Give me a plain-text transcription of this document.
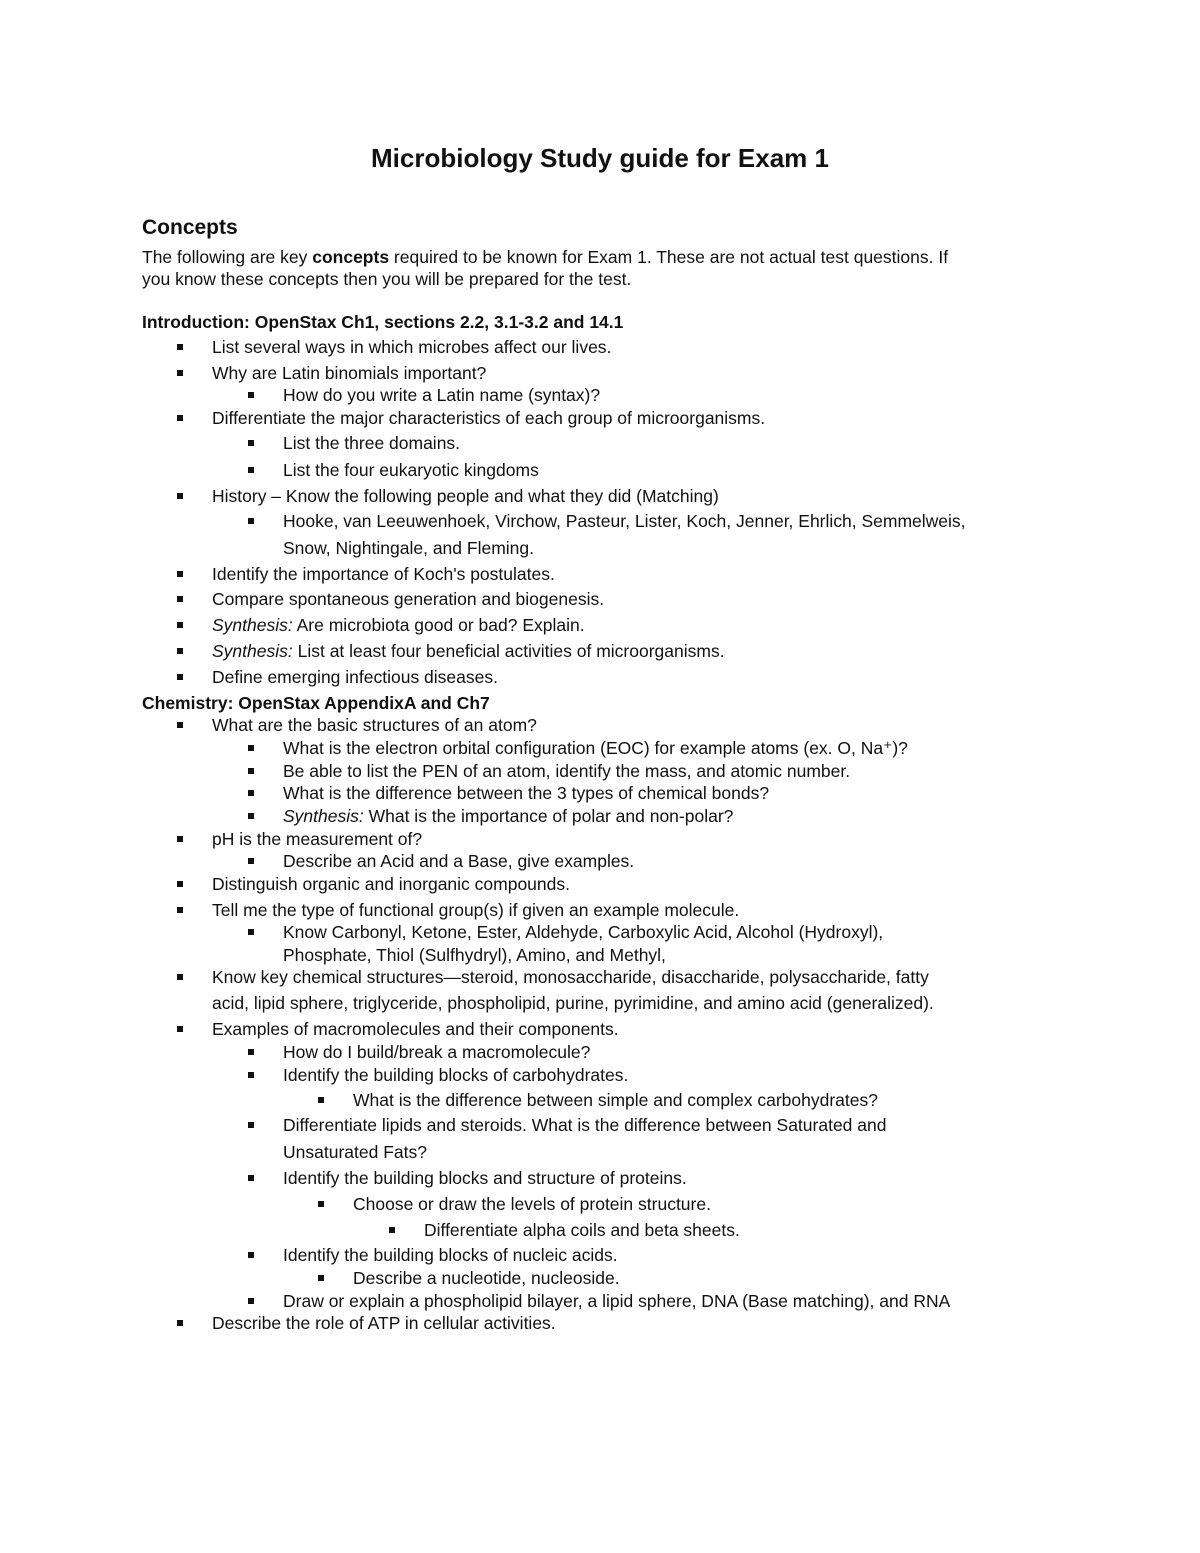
Microbiology Study guide for Exam 1
Concepts
The following are key concepts required to be known for Exam 1. These are not actual test questions. If
you know these concepts then you will be prepared for the test.
Introduction: OpenStax Ch1, sections 2.2, 3.1-3.2 and 14.1
List several ways in which microbes affect our lives.
Why are Latin binomials important?
How do you write a Latin name (syntax)?
Differentiate the major characteristics of each group of microorganisms.
List the three domains.
List the four eukaryotic kingdoms
History – Know the following people and what they did (Matching)
Hooke, van Leeuwenhoek, Virchow, Pasteur, Lister, Koch, Jenner, Ehrlich, Semmelweis,
Snow, Nightingale, and Fleming.
Identify the importance of Koch's postulates.
Compare spontaneous generation and biogenesis.
Synthesis: Are microbiota good or bad? Explain.
Synthesis: List at least four beneficial activities of microorganisms.
Define emerging infectious diseases.
Chemistry: OpenStax AppendixA and Ch7
What are the basic structures of an atom?
What is the electron orbital configuration (EOC) for example atoms (ex. O, Na⁺)?
Be able to list the PEN of an atom, identify the mass, and atomic number.
What is the difference between the 3 types of chemical bonds?
Synthesis: What is the importance of polar and non-polar?
pH is the measurement of?
Describe an Acid and a Base, give examples.
Distinguish organic and inorganic compounds.
Tell me the type of functional group(s) if given an example molecule.
Know Carbonyl, Ketone, Ester, Aldehyde, Carboxylic Acid, Alcohol (Hydroxyl),
Phosphate, Thiol (Sulfhydryl), Amino, and Methyl,
Know key chemical structures—steroid, monosaccharide, disaccharide, polysaccharide, fatty
acid, lipid sphere, triglyceride, phospholipid, purine, pyrimidine, and amino acid (generalized).
Examples of macromolecules and their components.
How do I build/break a macromolecule?
Identify the building blocks of carbohydrates.
What is the difference between simple and complex carbohydrates?
Differentiate lipids and steroids. What is the difference between Saturated and
Unsaturated Fats?
Identify the building blocks and structure of proteins.
Choose or draw the levels of protein structure.
Differentiate alpha coils and beta sheets.
Identify the building blocks of nucleic acids.
Describe a nucleotide, nucleoside.
Draw or explain a phospholipid bilayer, a lipid sphere, DNA (Base matching), and RNA
Describe the role of ATP in cellular activities.
